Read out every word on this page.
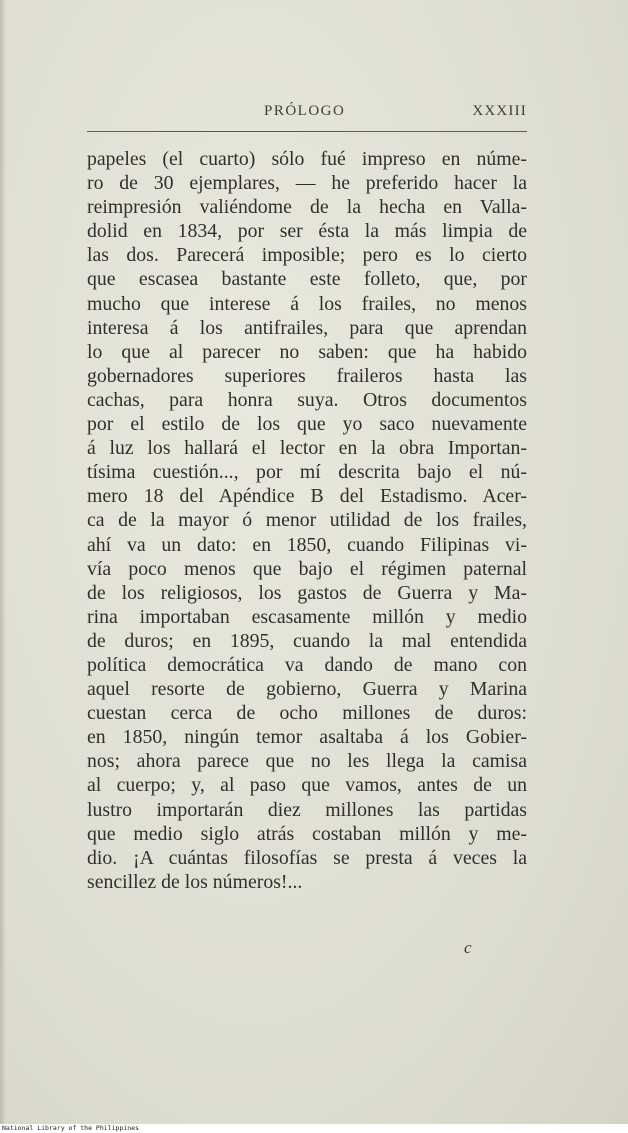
PRÓLOGO	XXXIII
papeles (el cuarto) sólo fué impreso en núme-
ro de 30 ejemplares, — he preferido hacer la
reimpresión valiéndome de la hecha en Valla-
dolid en 1834, por ser ésta la más limpia de
las dos. Parecerá imposible; pero es lo cierto
que escasea bastante este folleto, que, por
mucho que interese á los frailes, no menos
interesa á los antifrailes, para que aprendan
lo que al parecer no saben: que ha habido
gobernadores superiores fraileros hasta las
cachas, para honra suya. Otros documentos
por el estilo de los que yo saco nuevamente
á luz los hallará el lector en la obra Importan-
tísima cuestión..., por mí descrita bajo el nú-
mero 18 del Apéndice B del Estadismo. Acer-
ca de la mayor ó menor utilidad de los frailes,
ahí va un dato: en 1850, cuando Filipinas vi-
vía poco menos que bajo el régimen paternal
de los religiosos, los gastos de Guerra y Ma-
rina importaban escasamente millón y medio
de duros; en 1895, cuando la mal entendida
política democrática va dando de mano con
aquel resorte de gobierno, Guerra y Marina
cuestan cerca de ocho millones de duros:
en 1850, ningún temor asaltaba á los Gobier-
nos; ahora parece que no les llega la camisa
al cuerpo; y, al paso que vamos, antes de un
lustro importarán diez millones las partidas
que medio siglo atrás costaban millón y me-
dio. ¡A cuántas filosofías se presta á veces la
sencillez de los números!...
c
National Library of the Philippines
